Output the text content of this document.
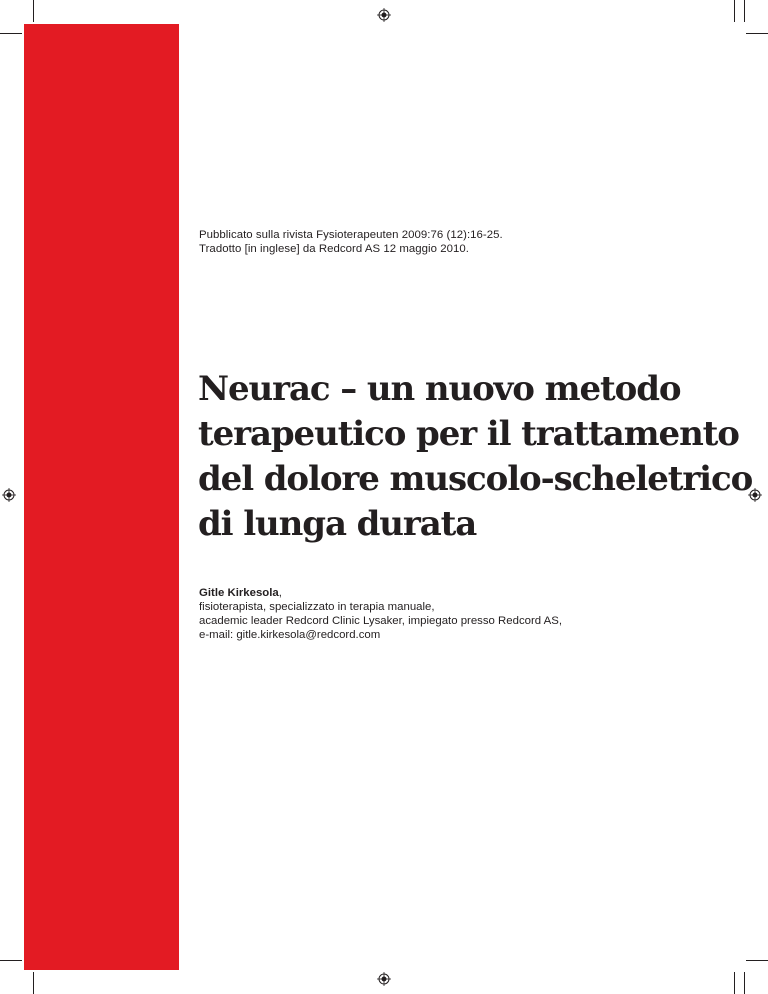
Pubblicato sulla rivista Fysioterapeuten 2009:76 (12):16-25.
Tradotto [in inglese] da Redcord AS 12 maggio 2010.
Neurac – un nuovo metodo
terapeutico per il trattamento
del dolore muscolo-scheletrico
di lunga durata
Gitle Kirkesola,
fisioterapista, specializzato in terapia manuale,
academic leader Redcord Clinic Lysaker, impiegato presso Redcord AS,
e-mail: gitle.kirkesola@redcord.com
